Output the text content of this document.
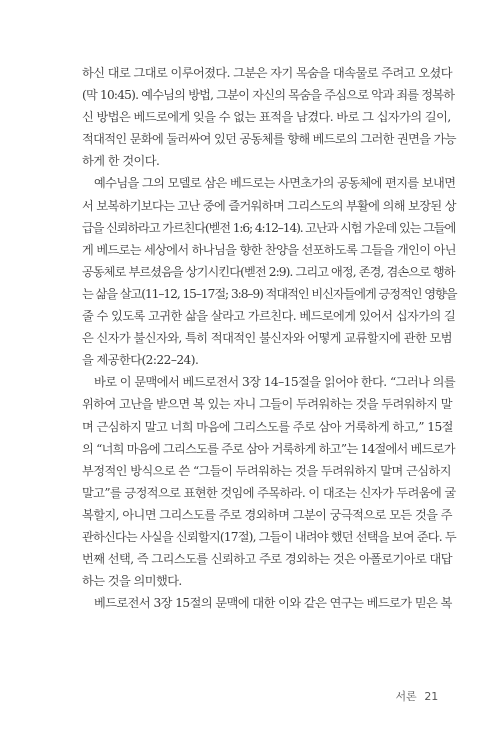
하신 대로 그대로 이루어졌다. 그분은 자기 목숨을 대속물로 주려고 오셨다
(막 10:45). 예수님의 방법, 그분이 자신의 목숨을 주심으로 악과 죄를 정복하
신 방법은 베드로에게 잊을 수 없는 표적을 남겼다. 바로 그 십자가의 길이,
적대적인 문화에 둘러싸여 있던 공동체를 향해 베드로의 그러한 권면을 가능
하게 한 것이다.
예수님을 그의 모델로 삼은 베드로는 사면초가의 공동체에 편지를 보내면
서 보복하기보다는 고난 중에 즐거워하며 그리스도의 부활에 의해 보장된 상
급을 신뢰하라고 가르친다(벧전 1:6; 4:12–14). 고난과 시험 가운데 있는 그들에
게 베드로는 세상에서 하나님을 향한 찬양을 선포하도록 그들을 개인이 아닌
공동체로 부르셨음을 상기시킨다(벧전 2:9). 그리고 애정, 존경, 겸손으로 행하
는 삶을 살고(11–12, 15–17절; 3:8–9) 적대적인 비신자들에게 긍정적인 영향을
줄 수 있도록 고귀한 삶을 살라고 가르친다. 베드로에게 있어서 십자가의 길
은 신자가 불신자와, 특히 적대적인 불신자와 어떻게 교류할지에 관한 모범
을 제공한다(2:22–24).
바로 이 문맥에서 베드로전서 3장 14–15절을 읽어야 한다. “그러나 의를
위하여 고난을 받으면 복 있는 자니 그들이 두려워하는 것을 두려워하지 말
며 근심하지 말고 너희 마음에 그리스도를 주로 삼아 거룩하게 하고,” 15절
의 “너희 마음에 그리스도를 주로 삼아 거룩하게 하고”는 14절에서 베드로가
부정적인 방식으로 쓴 “그들이 두려워하는 것을 두려워하지 말며 근심하지
말고”를 긍정적으로 표현한 것임에 주목하라. 이 대조는 신자가 두려움에 굴
복할지, 아니면 그리스도를 주로 경외하며 그분이 궁극적으로 모든 것을 주
관하신다는 사실을 신뢰할지(17절), 그들이 내려야 했던 선택을 보여 준다. 두
번째 선택, 즉 그리스도를 신뢰하고 주로 경외하는 것은 아폴로기아로 대답
하는 것을 의미했다.
베드로전서 3장 15절의 문맥에 대한 이와 같은 연구는 베드로가 믿은 복
서론 21
